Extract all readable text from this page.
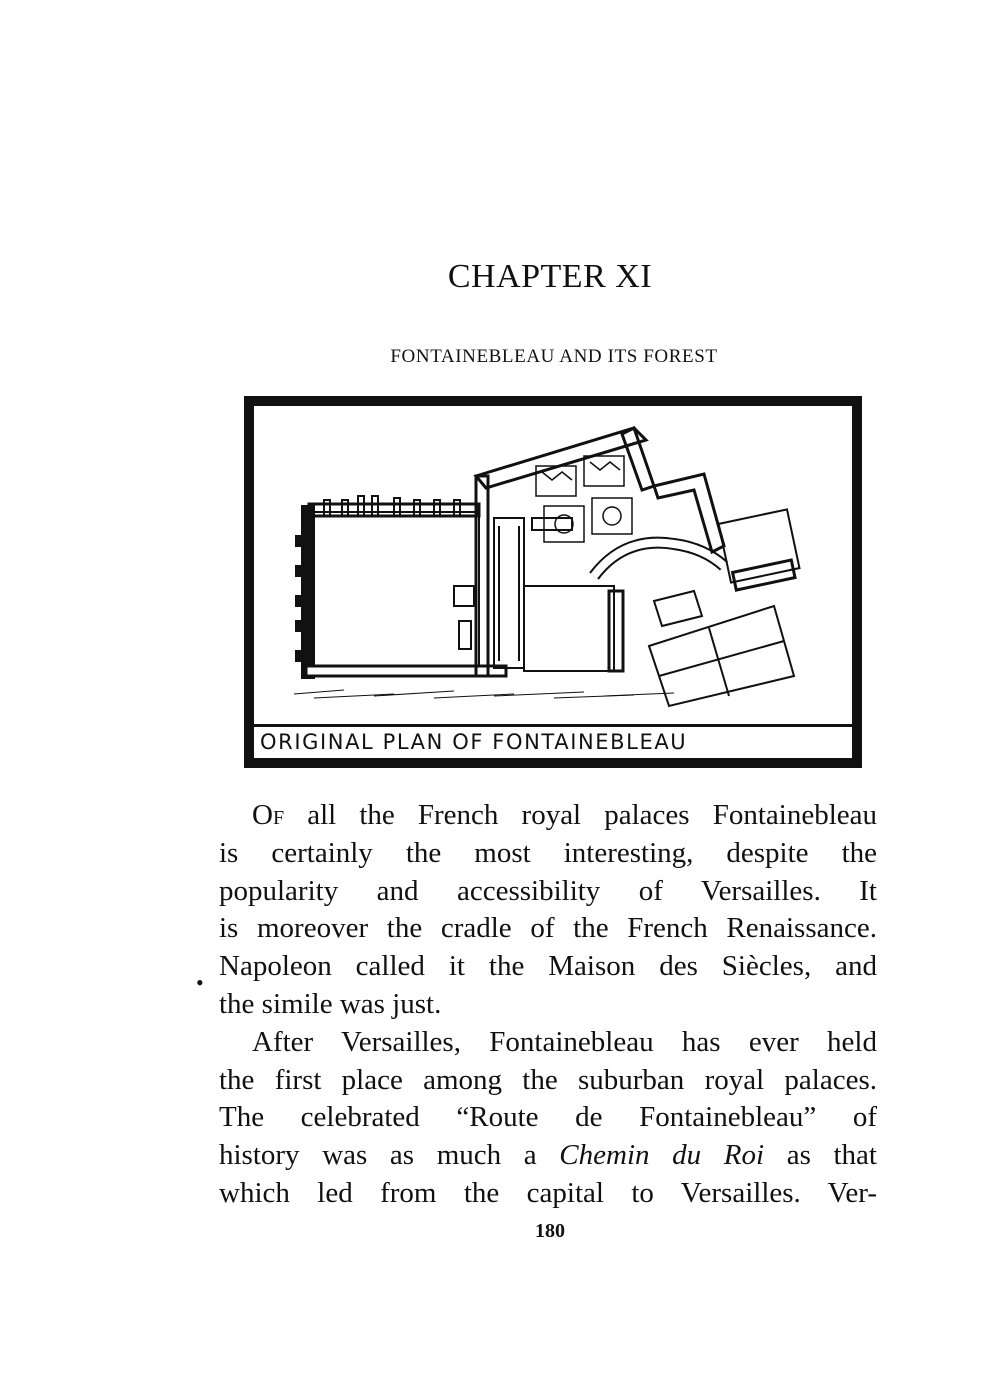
CHAPTER XI
FONTAINEBLEAU AND ITS FOREST
ORIGINAL PLAN OF FONTAINEBLEAU
•

Of all the French royal palaces Fontainebleau
is certainly the most interesting, despite the
popularity and accessibility of Versailles. It
is moreover the cradle of the French Renaissance.
Napoleon called it the Maison des Siècles, and
the simile was just.

After Versailles, Fontainebleau has ever held
the first place among the suburban royal palaces.
The celebrated “Route de Fontainebleau” of
history was as much a Chemin du Roi as that
which led from the capital to Versailles. Ver-

180
